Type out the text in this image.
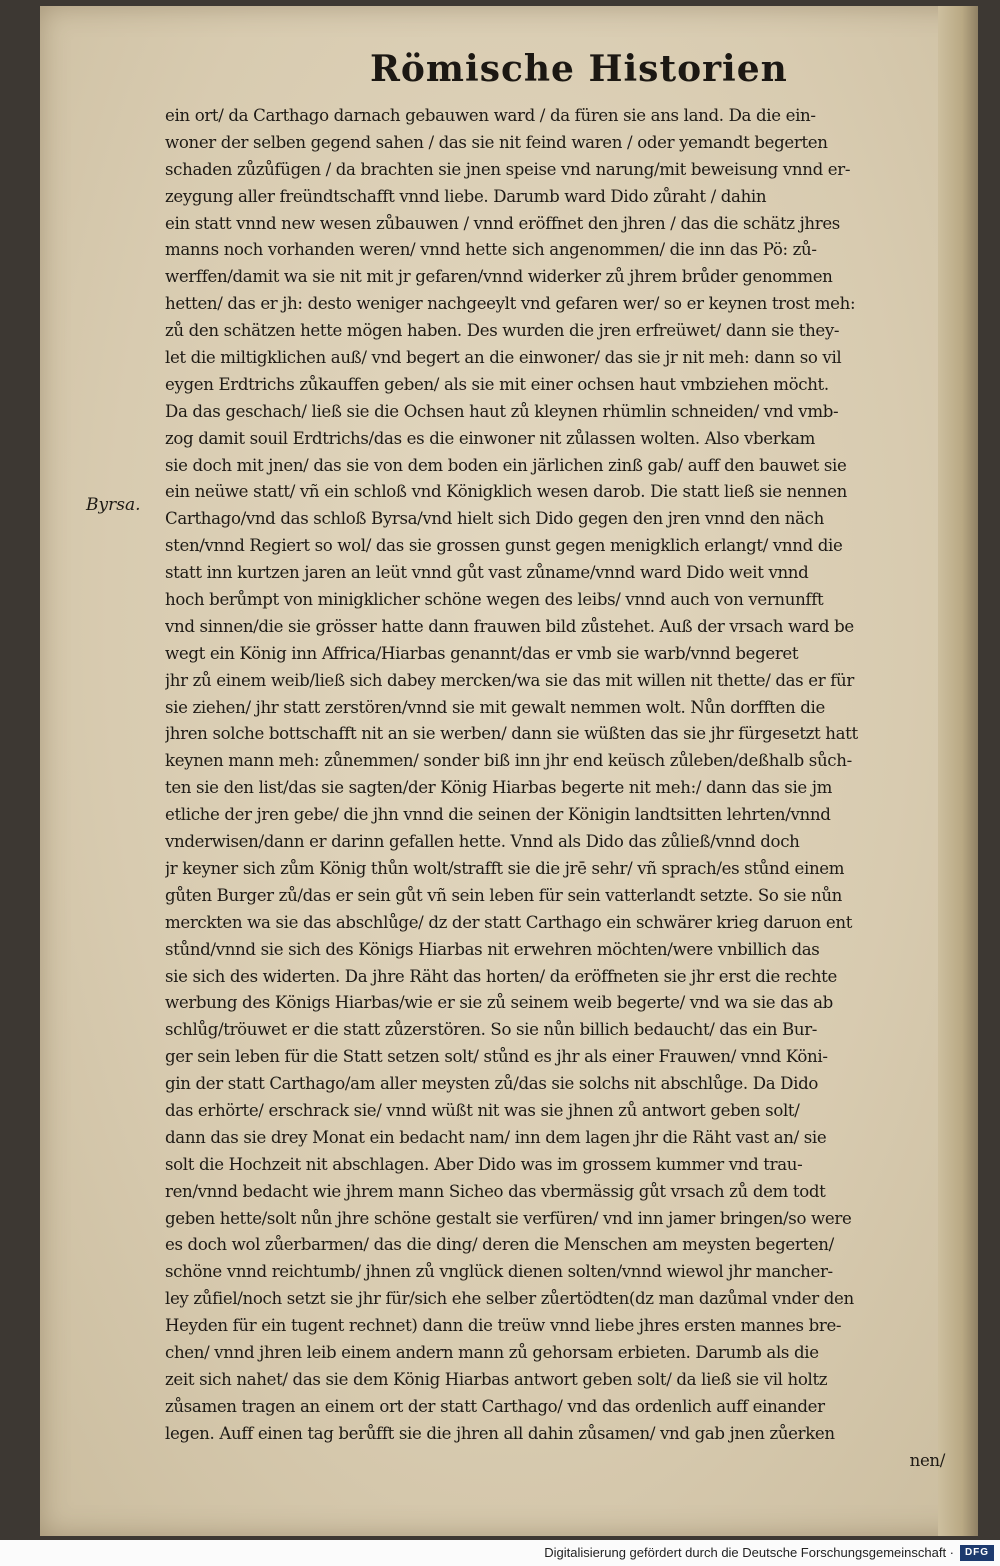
Römische Historien
Byrsa.
ein ort/ da Carthago darnach gebauwen ward / da füren sie ans land. Da die ein-
woner der selben gegend sahen / das sie nit feind waren / oder yemandt begerten
schaden zůzůfügen / da brachten sie jnen speise vnd narung/mit beweisung vnnd er-
zeygung aller freündtschafft vnnd liebe. Darumb ward Dido zůraht / dahin
ein statt vnnd new wesen zůbauwen / vnnd eröffnet den jhren / das die schätz jhres
manns noch vorhanden weren/ vnnd hette sich angenommen/ die inn das Pö: zů-
werffen/damit wa sie nit mit jr gefaren/vnnd widerker zů jhrem brůder genommen
hetten/ das er jh: desto weniger nachgeeylt vnd gefaren wer/ so er keynen trost meh:
zů den schätzen hette mögen haben. Des wurden die jren erfreüwet/ dann sie they-
let die miltigklichen auß/ vnd begert an die einwoner/ das sie jr nit meh: dann so vil
eygen Erdtrichs zůkauffen geben/ als sie mit einer ochsen haut vmbziehen möcht.
Da das geschach/ ließ sie die Ochsen haut zů kleynen rhümlin schneiden/ vnd vmb-
zog damit souil Erdtrichs/das es die einwoner nit zůlassen wolten. Also vberkam
sie doch mit jnen/ das sie von dem boden ein järlichen zinß gab/ auff den bauwet sie
ein neüwe statt/ vñ ein schloß vnd Königklich wesen darob. Die statt ließ sie nennen
Carthago/vnd das schloß Byrsa/vnd hielt sich Dido gegen den jren vnnd den näch
sten/vnnd Regiert so wol/ das sie grossen gunst gegen menigklich erlangt/ vnnd die
statt inn kurtzen jaren an leüt vnnd gůt vast zůname/vnnd ward Dido weit vnnd
hoch berůmpt von minigklicher schöne wegen des leibs/ vnnd auch von vernunfft
vnd sinnen/die sie grösser hatte dann frauwen bild zůstehet. Auß der vrsach ward be
wegt ein König inn Affrica/Hiarbas genannt/das er vmb sie warb/vnnd begeret
jhr zů einem weib/ließ sich dabey mercken/wa sie das mit willen nit thette/ das er für
sie ziehen/ jhr statt zerstören/vnnd sie mit gewalt nemmen wolt. Nůn dorfften die
jhren solche bottschafft nit an sie werben/ dann sie wüßten das sie jhr fürgesetzt hatt
keynen mann meh: zůnemmen/ sonder biß inn jhr end keüsch zůleben/deßhalb sůch-
ten sie den list/das sie sagten/der König Hiarbas begerte nit meh:/ dann das sie jm
etliche der jren gebe/ die jhn vnnd die seinen der Königin landtsitten lehrten/vnnd
vnderwisen/dann er darinn gefallen hette. Vnnd als Dido das zůließ/vnnd doch
jr keyner sich zům König thůn wolt/strafft sie die jrē sehr/ vñ sprach/es stůnd einem
gůten Burger zů/das er sein gůt vñ sein leben für sein vatterlandt setzte. So sie nůn
merckten wa sie das abschlůge/ dz der statt Carthago ein schwärer krieg daruon ent
stůnd/vnnd sie sich des Königs Hiarbas nit erwehren möchten/were vnbillich das
sie sich des widerten. Da jhre Räht das horten/ da eröffneten sie jhr erst die rechte
werbung des Königs Hiarbas/wie er sie zů seinem weib begerte/ vnd wa sie das ab
schlůg/tröuwet er die statt zůzerstören. So sie nůn billich bedaucht/ das ein Bur-
ger sein leben für die Statt setzen solt/ stůnd es jhr als einer Frauwen/ vnnd Köni-
gin der statt Carthago/am aller meysten zů/das sie solchs nit abschlůge. Da Dido
das erhörte/ erschrack sie/ vnnd wüßt nit was sie jhnen zů antwort geben solt/
dann das sie drey Monat ein bedacht nam/ inn dem lagen jhr die Räht vast an/ sie
solt die Hochzeit nit abschlagen. Aber Dido was im grossem kummer vnd trau-
ren/vnnd bedacht wie jhrem mann Sicheo das vbermässig gůt vrsach zů dem todt
geben hette/solt nůn jhre schöne gestalt sie verfüren/ vnd inn jamer bringen/so were
es doch wol zůerbarmen/ das die ding/ deren die Menschen am meysten begerten/
schöne vnnd reichtumb/ jhnen zů vnglück dienen solten/vnnd wiewol jhr mancher-
ley zůfiel/noch setzt sie jhr für/sich ehe selber zůertödten(dz man dazůmal vnder den
Heyden für ein tugent rechnet) dann die treüw vnnd liebe jhres ersten mannes bre-
chen/ vnnd jhren leib einem andern mann zů gehorsam erbieten. Darumb als die
zeit sich nahet/ das sie dem König Hiarbas antwort geben solt/ da ließ sie vil holtz
zůsamen tragen an einem ort der statt Carthago/ vnd das ordenlich auff einander
legen. Auff einen tag berůfft sie die jhren all dahin zůsamen/ vnd gab jnen zůerken
nen/
Digitalisierung gefördert durch die Deutsche Forschungsgemeinschaft ·	DFG
